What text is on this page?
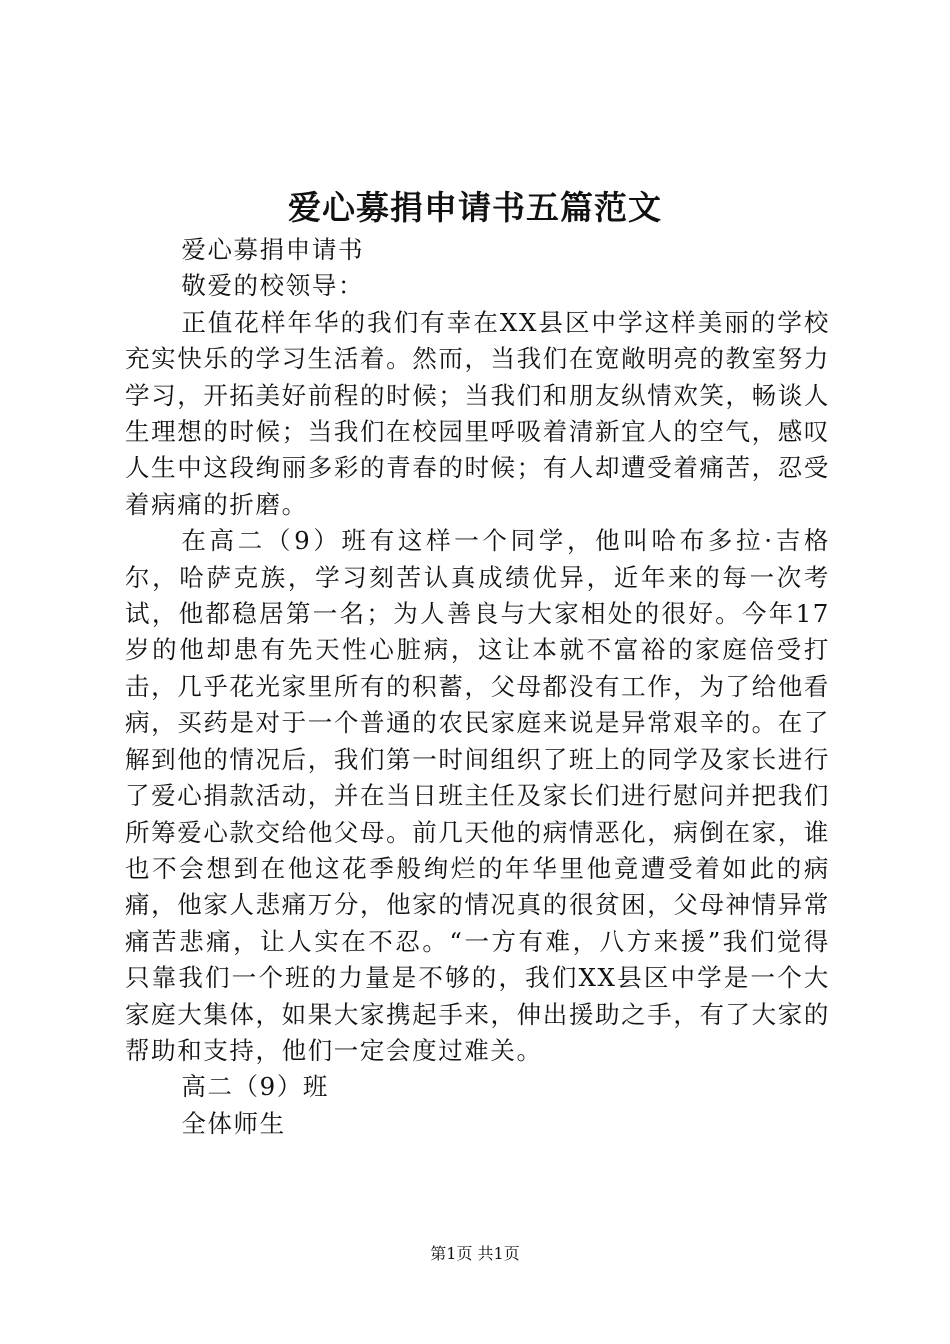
爱心募捐申请书五篇范文

爱心募捐申请书

敬爱的校领导：

正值花样年华的我们有幸在XX县区中学这样美丽的学校充实快乐的学习生活着。然而，当我们在宽敞明亮的教室努力学习，开拓美好前程的时候；当我们和朋友纵情欢笑，畅谈人生理想的时候；当我们在校园里呼吸着清新宜人的空气，感叹人生中这段绚丽多彩的青春的时候；有人却遭受着痛苦，忍受着病痛的折磨。

在高二（9）班有这样一个同学，他叫哈布多拉·吉格尔，哈萨克族，学习刻苦认真成绩优异，近年来的每一次考试，他都稳居第一名；为人善良与大家相处的很好。今年17岁的他却患有先天性心脏病，这让本就不富裕的家庭倍受打击，几乎花光家里所有的积蓄，父母都没有工作，为了给他看病，买药是对于一个普通的农民家庭来说是异常艰辛的。在了解到他的情况后，我们第一时间组织了班上的同学及家长进行了爱心捐款活动，并在当日班主任及家长们进行慰问并把我们所筹爱心款交给他父母。前几天他的病情恶化，病倒在家，谁也不会想到在他这花季般绚烂的年华里他竟遭受着如此的病痛，他家人悲痛万分，他家的情况真的很贫困，父母神情异常痛苦悲痛，让人实在不忍。“一方有难，八方来援”我们觉得只靠我们一个班的力量是不够的，我们XX县区中学是一个大家庭大集体，如果大家携起手来，伸出援助之手，有了大家的帮助和支持，他们一定会度过难关。

高二（9）班

全体师生

第1页 共1页
